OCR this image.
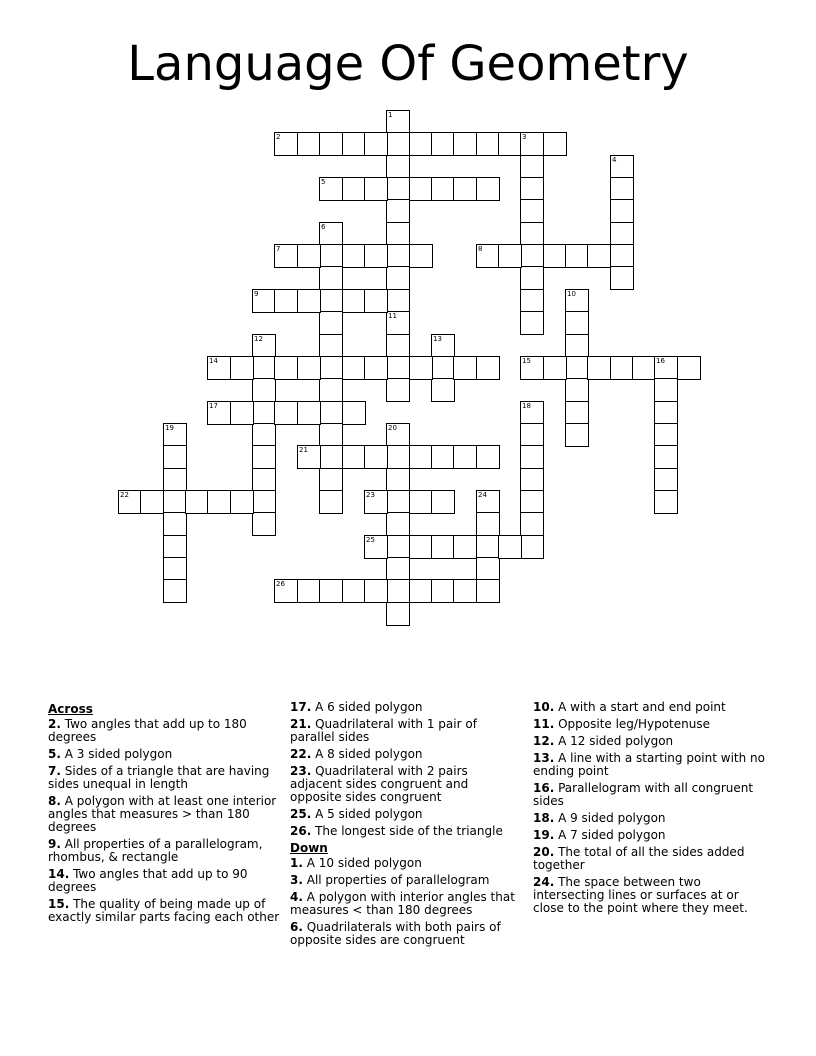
Language Of Geometry
1
11
2	3
4
5
6
7	8
9	10
12	13
14	15	16
17	18
19	20
21
22	23	24
25
26
Across
2. Two angles that add up to 180 degrees
5. A 3 sided polygon
7. Sides of a triangle that are having sides unequal in length
8. A polygon with at least one interior angles that measures > than 180 degrees
9. All properties of a parallelogram, rhombus, & rectangle
14. Two angles that add up to 90 degrees
15. The quality of being made up of exactly similar parts facing each other
17. A 6 sided polygon
21. Quadrilateral with 1 pair of parallel sides
22. A 8 sided polygon
23. Quadrilateral with 2 pairs adjacent sides congruent and opposite sides congruent
25. A 5 sided polygon
26. The longest side of the triangle
Down
1. A 10 sided polygon
3. All properties of parallelogram
4. A polygon with interior angles that measures < than 180 degrees
6. Quadrilaterals with both pairs of opposite sides are congruent
10. A with a start and end point
11. Opposite leg/Hypotenuse
12. A 12 sided polygon
13. A line with a starting point with no ending point
16. Parallelogram with all congruent sides
18. A 9 sided polygon
19. A 7 sided polygon
20. The total of all the sides added together
24. The space between two intersecting lines or surfaces at or close to the point where they meet.
